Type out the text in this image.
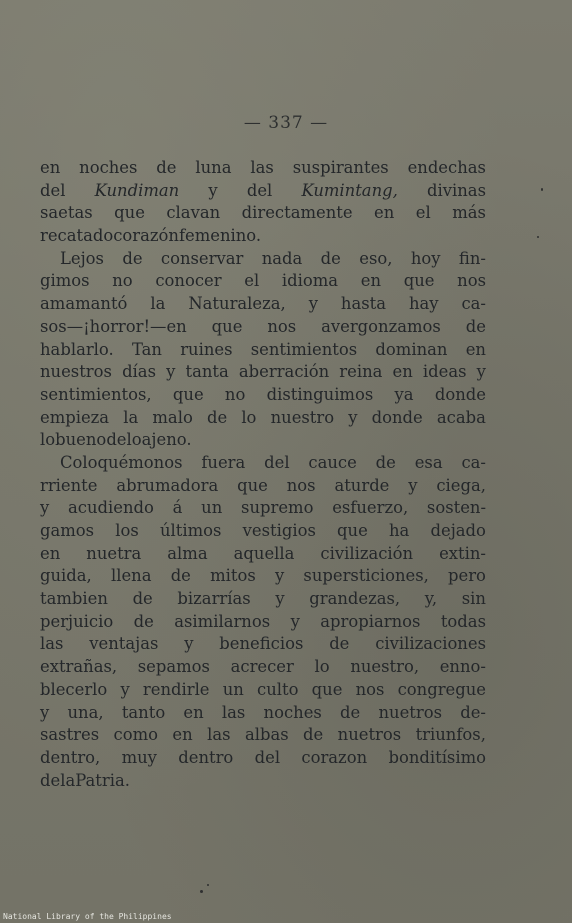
— 337 —
en noches de luna las suspirantes endechas
del Kundiman y del Kumintang, divinas
saetas que clavan directamente en el más
recatado corazón femenino.
Lejos de conservar nada de eso, hoy fin-
gimos no conocer el idioma en que nos
amamantó la Naturaleza, y hasta hay ca-
sos—¡horror!—en que nos avergonzamos de
hablarlo. Tan ruines sentimientos dominan en
nuestros días y tanta aberración reina en ideas y
sentimientos, que no distinguimos ya donde
empieza la malo de lo nuestro y donde acaba
lo bueno de lo ajeno.
Coloquémonos fuera del cauce de esa ca-
rriente abrumadora que nos aturde y ciega,
y acudiendo á un supremo esfuerzo, sosten-
gamos los últimos vestigios que ha dejado
en nuetra alma aquella civilización extin-
guida, llena de mitos y supersticiones, pero
tambien de bizarrías y grandezas, y, sin
perjuicio de asimilarnos y apropiarnos todas
las ventajas y beneficios de civilizaciones
extrañas, sepamos acrecer lo nuestro, enno-
blecerlo y rendirle un culto que nos congregue
y una, tanto en las noches de nuetros de-
sastres como en las albas de nuetros triunfos,
dentro, muy dentro del corazon bonditísimo
de la Patria.
National Library of the Philippines
